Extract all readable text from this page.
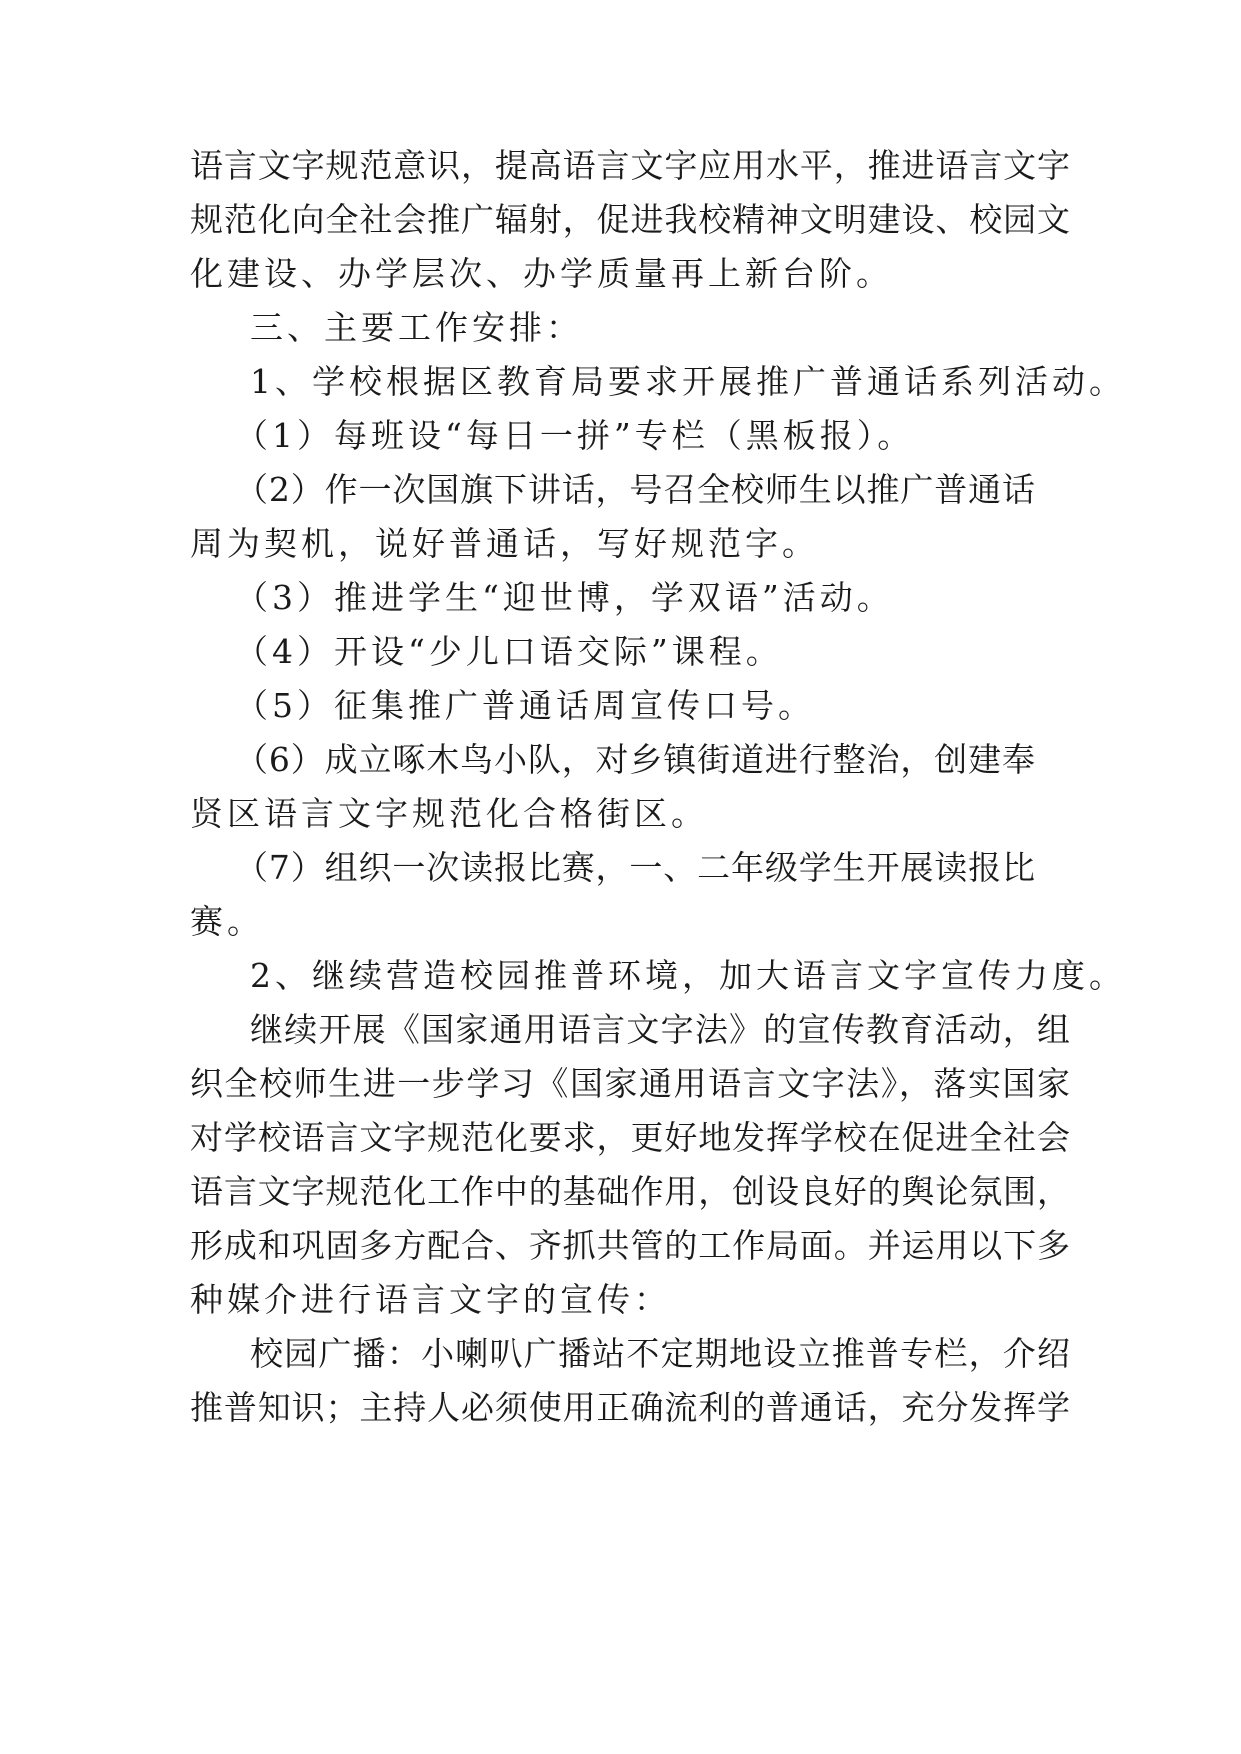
语言文字规范意识，提高语言文字应用水平，推进语言文字
规范化向全社会推广辐射，促进我校精神文明建设、校园文
化建设、办学层次、办学质量再上新台阶。
三、主要工作安排：
1、学校根据区教育局要求开展推广普通话系列活动。
（1）每班设“每日一拼”专栏（黑板报）。
（2）作一次国旗下讲话，号召全校师生以推广普通话
周为契机，说好普通话，写好规范字。
（3）推进学生“迎世博，学双语”活动。
（4）开设“少儿口语交际”课程。
（5）征集推广普通话周宣传口号。
（6）成立啄木鸟小队，对乡镇街道进行整治，创建奉
贤区语言文字规范化合格街区。
（7）组织一次读报比赛，一、二年级学生开展读报比
赛。
2、继续营造校园推普环境，加大语言文字宣传力度。
继续开展《国家通用语言文字法》的宣传教育活动，组
织全校师生进一步学习《国家通用语言文字法》，落实国家
对学校语言文字规范化要求，更好地发挥学校在促进全社会
语言文字规范化工作中的基础作用，创设良好的舆论氛围，
形成和巩固多方配合、齐抓共管的工作局面。并运用以下多
种媒介进行语言文字的宣传：
校园广播：小喇叭广播站不定期地设立推普专栏，介绍
推普知识；主持人必须使用正确流利的普通话，充分发挥学
